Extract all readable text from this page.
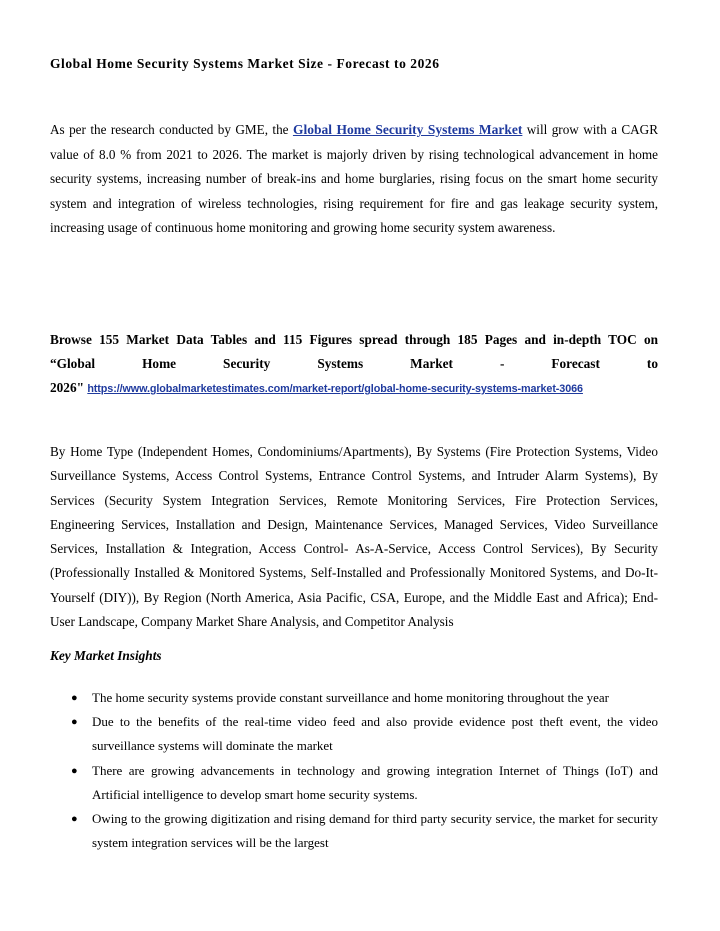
Global Home Security Systems Market Size - Forecast to 2026

As per the research conducted by GME, the Global Home Security Systems Market will grow with a CAGR value of 8.0 % from 2021 to 2026. The market is majorly driven by rising technological advancement in home security systems, increasing number of break-ins and home burglaries, rising focus on the smart home security system and integration of wireless technologies, rising requirement for fire and gas leakage security system, increasing usage of continuous home monitoring and growing home security system awareness.

Browse 155 Market Data Tables and 115 Figures spread through 185 Pages and in-depth TOC on
“Global Home Security Systems Market - Forecast to
2026" https://www.globalmarketestimates.com/market-report/global-home-security-systems-market-3066

By Home Type (Independent Homes, Condominiums/Apartments), By Systems (Fire Protection Systems, Video Surveillance Systems, Access Control Systems, Entrance Control Systems, and Intruder Alarm Systems), By Services (Security System Integration Services, Remote Monitoring Services, Fire Protection Services, Engineering Services, Installation and Design, Maintenance Services, Managed Services, Video Surveillance Services, Installation & Integration, Access Control- As-A-Service, Access Control Services), By Security (Professionally Installed & Monitored Systems, Self-Installed and Professionally Monitored Systems, and Do-It-Yourself (DIY)), By Region (North America, Asia Pacific, CSA, Europe, and the Middle East and Africa); End-User Landscape, Company Market Share Analysis, and Competitor Analysis

Key Market Insights

● The home security systems provide constant surveillance and home monitoring throughout the year
● Due to the benefits of the real-time video feed and also provide evidence post theft event, the video surveillance systems will dominate the market
● There are growing advancements in technology and growing integration Internet of Things (IoT) and Artificial intelligence to develop smart home security systems.
● Owing to the growing digitization and rising demand for third party security service, the market for security system integration services will be the largest
